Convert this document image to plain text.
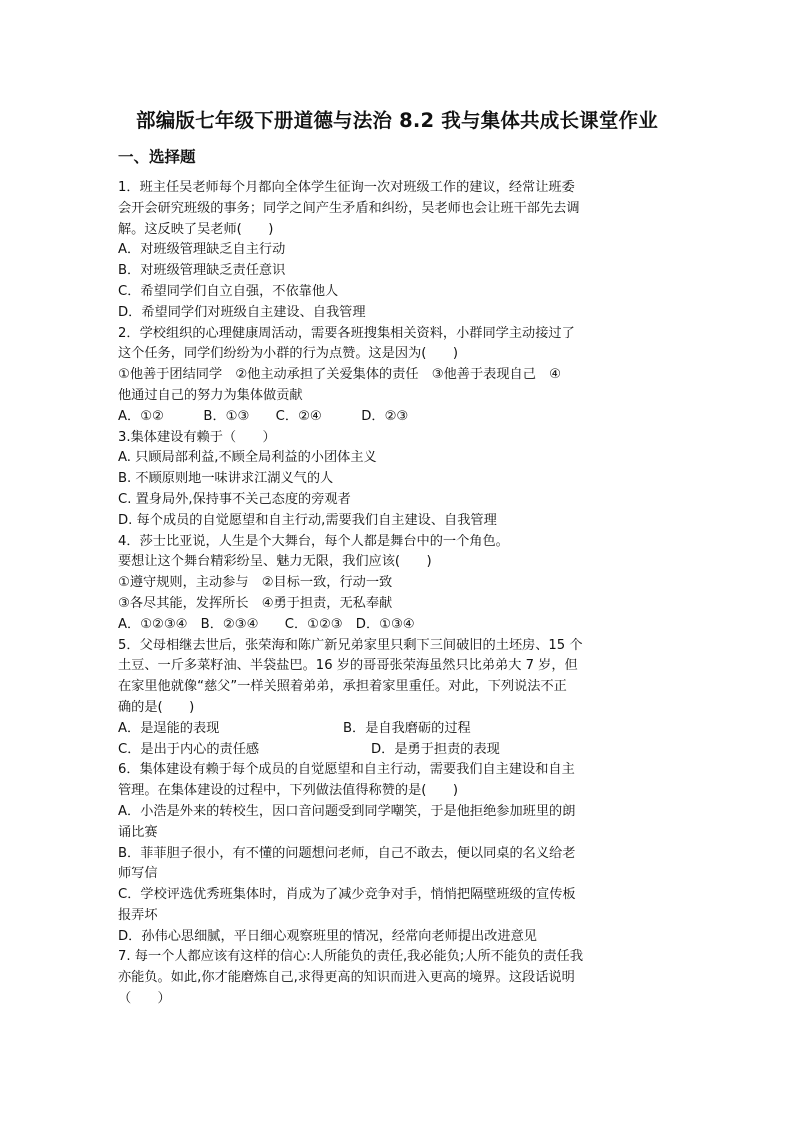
部编版七年级下册道德与法治 8.2 我与集体共成长课堂作业
一、选择题
1．班主任吴老师每个月都向全体学生征询一次对班级工作的建议，经常让班委
会开会研究班级的事务；同学之间产生矛盾和纠纷，吴老师也会让班干部先去调
解。这反映了吴老师(　　)
A．对班级管理缺乏自主行动
B．对班级管理缺乏责任意识
C．希望同学们自立自强，不依靠他人
D．希望同学们对班级自主建设、自我管理
2．学校组织的心理健康周活动，需要各班搜集相关资料，小群同学主动接过了
这个任务，同学们纷纷为小群的行为点赞。这是因为(　　)
①他善于团结同学　②他主动承担了关爱集体的责任　③他善于表现自己　④
他通过自己的努力为集体做贡献
A．①②　　　B．①③　　C．②④　　　D．②③
3.集体建设有赖于（　　）
A. 只顾局部利益,不顾全局利益的小团体主义
B. 不顾原则地一味讲求江湖义气的人
C. 置身局外,保持事不关己态度的旁观者
D. 每个成员的自觉愿望和自主行动,需要我们自主建设、自我管理
4．莎士比亚说，人生是个大舞台，每个人都是舞台中的一个角色。
要想让这个舞台精彩纷呈、魅力无限，我们应该(　　)
①遵守规则，主动参与　②目标一致，行动一致
③各尽其能，发挥所长　④勇于担责，无私奉献
A．①②③④　B．②③④　　C．①②③　D．①③④
5．父母相继去世后，张荣海和陈广新兄弟家里只剩下三间破旧的土坯房、15 个
土豆、一斤多菜籽油、半袋盐巴。16 岁的哥哥张荣海虽然只比弟弟大 7 岁，但
在家里他就像“慈父”一样关照着弟弟，承担着家里重任。对此，下列说法不正
确的是(　　)
A．是逞能的表现	B．是自我磨砺的过程
C．是出于内心的责任感	D．是勇于担责的表现
6．集体建设有赖于每个成员的自觉愿望和自主行动，需要我们自主建设和自主
管理。在集体建设的过程中，下列做法值得称赞的是(　　)
A．小浩是外来的转校生，因口音问题受到同学嘲笑，于是他拒绝参加班里的朗
诵比赛
B．菲菲胆子很小，有不懂的问题想问老师，自己不敢去，便以同桌的名义给老
师写信
C．学校评选优秀班集体时，肖成为了减少竞争对手，悄悄把隔壁班级的宣传板
报弄坏
D．孙伟心思细腻，平日细心观察班里的情况，经常向老师提出改进意见
7. 每一个人都应该有这样的信心:人所能负的责任,我必能负;人所不能负的责任我
亦能负。如此,你才能磨炼自己,求得更高的知识而进入更高的境界。这段话说明
（　　）
